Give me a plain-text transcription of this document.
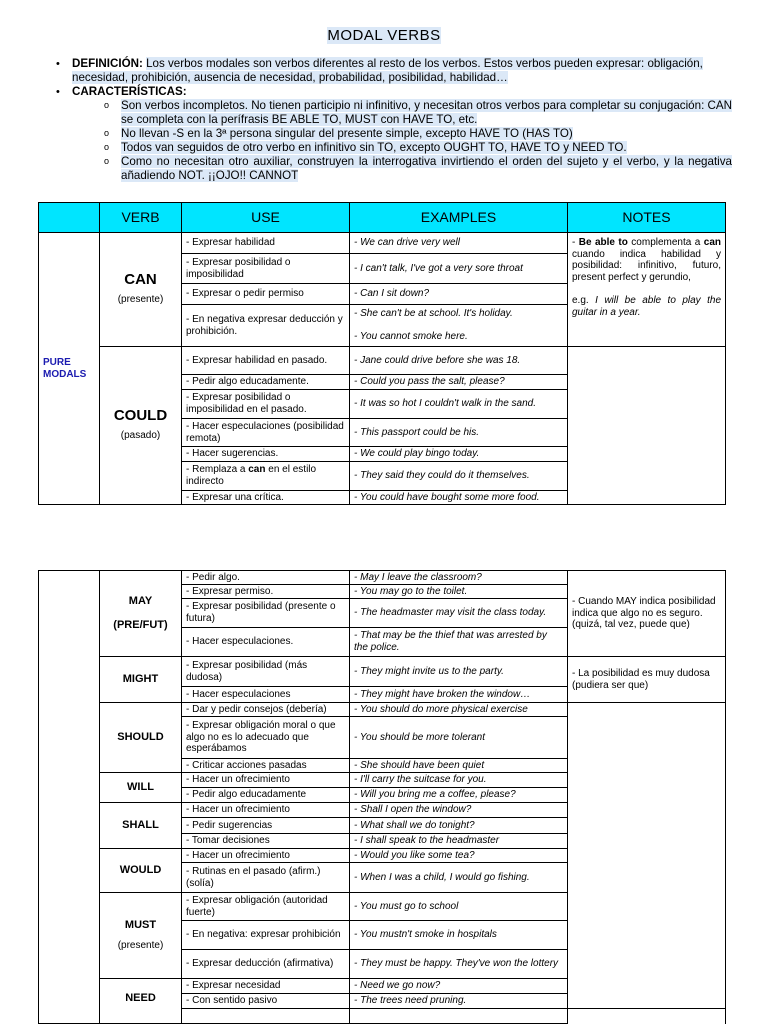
MODAL VERBS
• DEFINICIÓN: Los verbos modales son verbos diferentes al resto de los verbos. Estos verbos pueden expresar: obligación, necesidad, prohibición, ausencia de necesidad, probabilidad, posibilidad, habilidad…
• CARACTERÍSTICAS:
o Son verbos incompletos. No tienen participio ni infinitivo, y necesitan otros verbos para completar su conjugación: CAN se completa con la perífrasis BE ABLE TO, MUST con HAVE TO, etc.
o No llevan -S en la 3ª persona singular del presente simple, excepto HAVE TO (HAS TO)
o Todos van seguidos de otro verbo en infinitivo sin TO, excepto OUGHT TO, HAVE TO y NEED TO.
o Como no necesitan otro auxiliar, construyen la interrogativa invirtiendo el orden del sujeto y el verbo, y la negativa añadiendo NOT. ¡¡OJO!! CANNOT
	VERB	USE	EXAMPLES	NOTES
PURE MODALS	CAN
(presente)	- Expresar habilidad	- We can drive very well	- Be able to complementa a can cuando indica habilidad y posibilidad: infinitivo, futuro, present perfect y gerundio,

e.g. I will be able to play the guitar in a year.
		- Expresar posibilidad o imposibilidad	- I can't talk, I've got a very sore throat	
		- Expresar o pedir permiso	- Can I sit down?	
		- En negativa expresar deducción y prohibición.	- She can't be at school. It's holiday.

- You cannot smoke here.	

	COULD
(pasado)	- Expresar habilidad en pasado.	- Jane could drive before she was 18.	
		- Pedir algo educadamente.	- Could you pass the salt, please?	
		- Expresar posibilidad o imposibilidad en el pasado.	- It was so hot I couldn't walk in the sand.	
		- Hacer especulaciones (posibilidad remota)	- This passport could be his.	
		- Hacer sugerencias.	- We could play bingo today.	
		- Remplaza a can en el estilo indirecto	- They said they could do it themselves.	
		- Expresar una crítica.	- You could have bought some more food.	

	MAY
(PRE/FUT)	- Pedir algo.	- May I leave the classroom?	- Cuando MAY indica posibilidad indica que algo no es seguro. (quizá, tal vez, puede que)	
		- Expresar permiso.	- You may go to the toilet.		
		- Expresar posibilidad (presente o futura)	- The headmaster may visit the class today.		
		- Hacer especulaciones.	- That may be the thief that was arrested by the police.		

	MIGHT	- Expresar posibilidad (más dudosa)	- They might invite us to the party.	- La posibilidad es muy dudosa (pudiera ser que)	
		- Hacer especulaciones	- They might have broken the window…		

	SHOULD	- Dar y pedir consejos (debería)	- You should do more physical exercise		
		- Expresar obligación moral o que algo no es lo adecuado que esperábamos	- You should be more tolerant		
		- Criticar acciones pasadas	- She should have been quiet		

	WILL	- Hacer un ofrecimiento	- I'll carry the suitcase for you.		
		- Pedir algo educadamente	- Will you bring me a coffee, please?		

	SHALL	- Hacer un ofrecimiento	- Shall I open the window?		
		- Pedir sugerencias	- What shall we do tonight?		
		- Tomar decisiones	- I shall speak to the headmaster		

	WOULD	- Hacer un ofrecimiento	- Would you like some tea?		
		- Rutinas en el pasado (afirm.) (solía)	- When I was a child, I would go fishing.		

	MUST
(presente)	- Expresar obligación (autoridad fuerte)	- You must go to school		
		- En negativa: expresar prohibición	- You mustn't smoke in hospitals		
		- Expresar deducción (afirmativa)	- They must be happy. They've won the lottery		

	NEED	- Expresar necesidad	- Need we go now?		
		- Con sentido pasivo	- The trees need pruning.		
